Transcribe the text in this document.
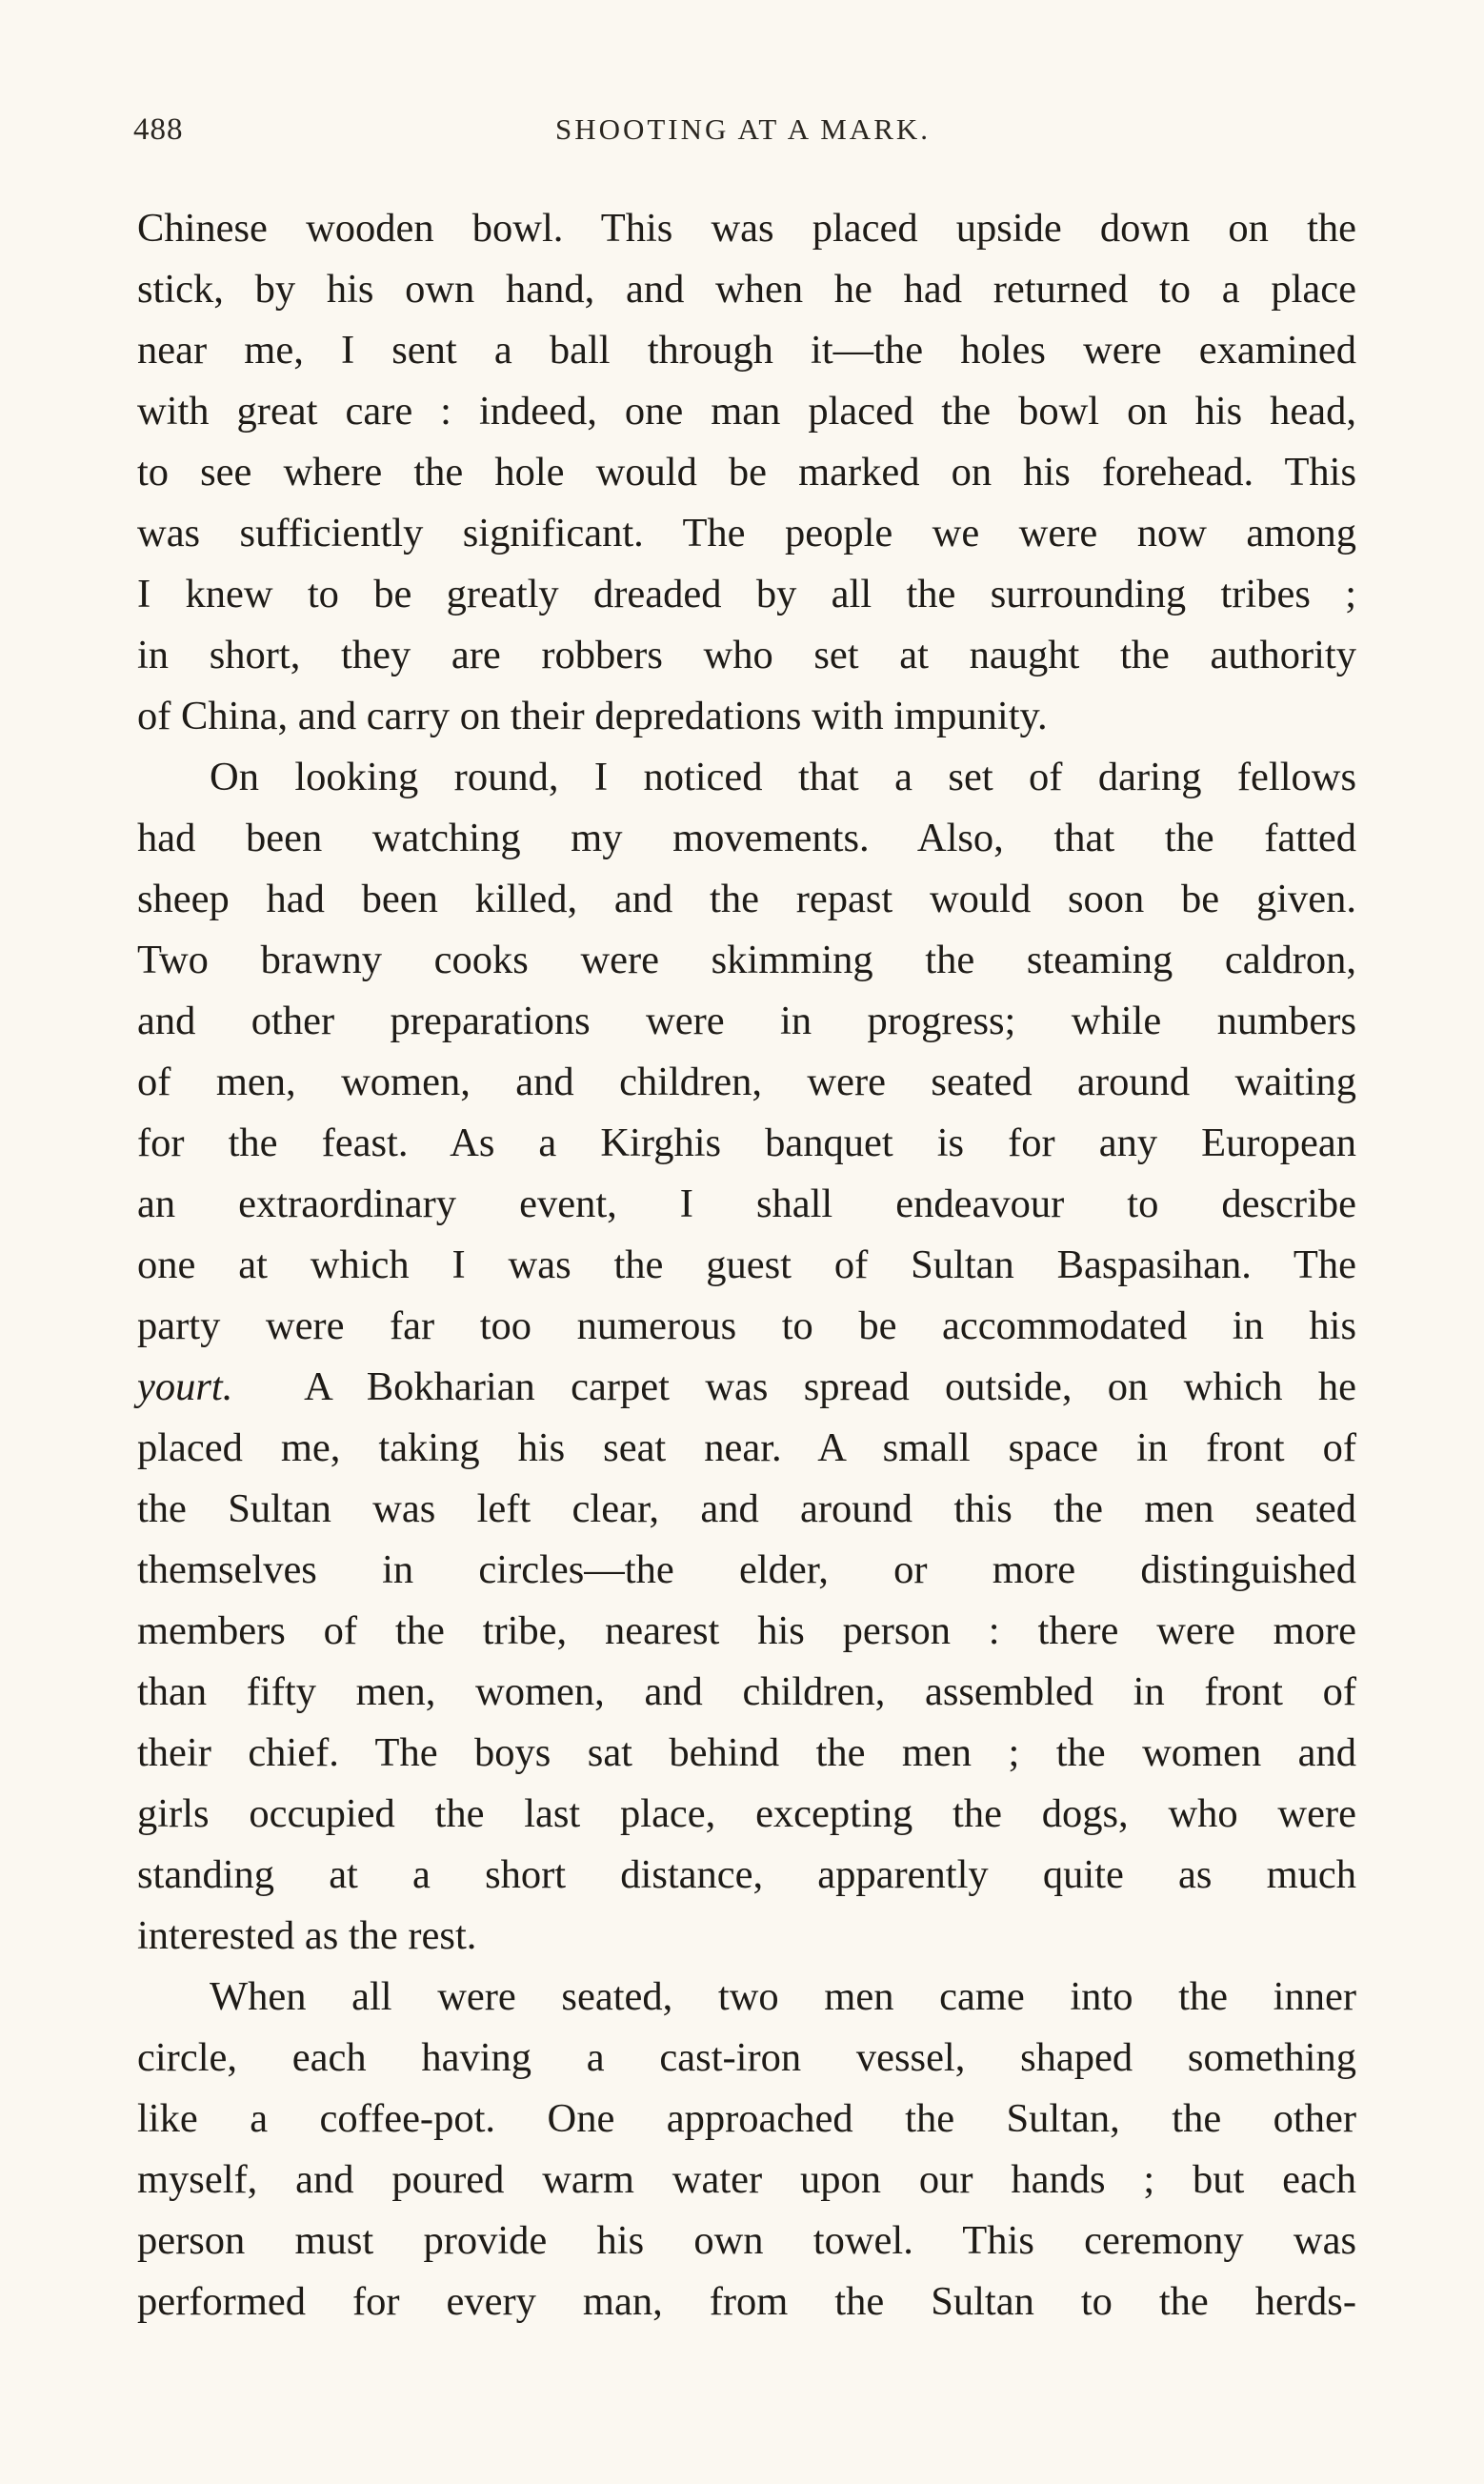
488	SHOOTING AT A MARK.
Chinese wooden bowl. This was placed upside down on the
stick, by his own hand, and when he had returned to a place
near me, I sent a ball through it—the holes were examined
with great care : indeed, one man placed the bowl on his head,
to see where the hole would be marked on his forehead. This
was sufficiently significant. The people we were now among
I knew to be greatly dreaded by all the surrounding tribes ;
in short, they are robbers who set at naught the authority
of China, and carry on their depredations with impunity.
On looking round, I noticed that a set of daring fellows
had been watching my movements. Also, that the fatted
sheep had been killed, and the repast would soon be given.
Two brawny cooks were skimming the steaming caldron,
and other preparations were in progress; while numbers
of men, women, and children, were seated around waiting
for the feast. As a Kirghis banquet is for any European
an extraordinary event, I shall endeavour to describe
one at which I was the guest of Sultan Baspasihan. The
party were far too numerous to be accommodated in his
yourt. A Bokharian carpet was spread outside, on which he
placed me, taking his seat near. A small space in front of
the Sultan was left clear, and around this the men seated
themselves in circles—the elder, or more distinguished
members of the tribe, nearest his person : there were more
than fifty men, women, and children, assembled in front of
their chief. The boys sat behind the men ; the women and
girls occupied the last place, excepting the dogs, who were
standing at a short distance, apparently quite as much
interested as the rest.
When all were seated, two men came into the inner
circle, each having a cast-iron vessel, shaped something
like a coffee-pot. One approached the Sultan, the other
myself, and poured warm water upon our hands ; but each
person must provide his own towel. This ceremony was
performed for every man, from the Sultan to the herds-
